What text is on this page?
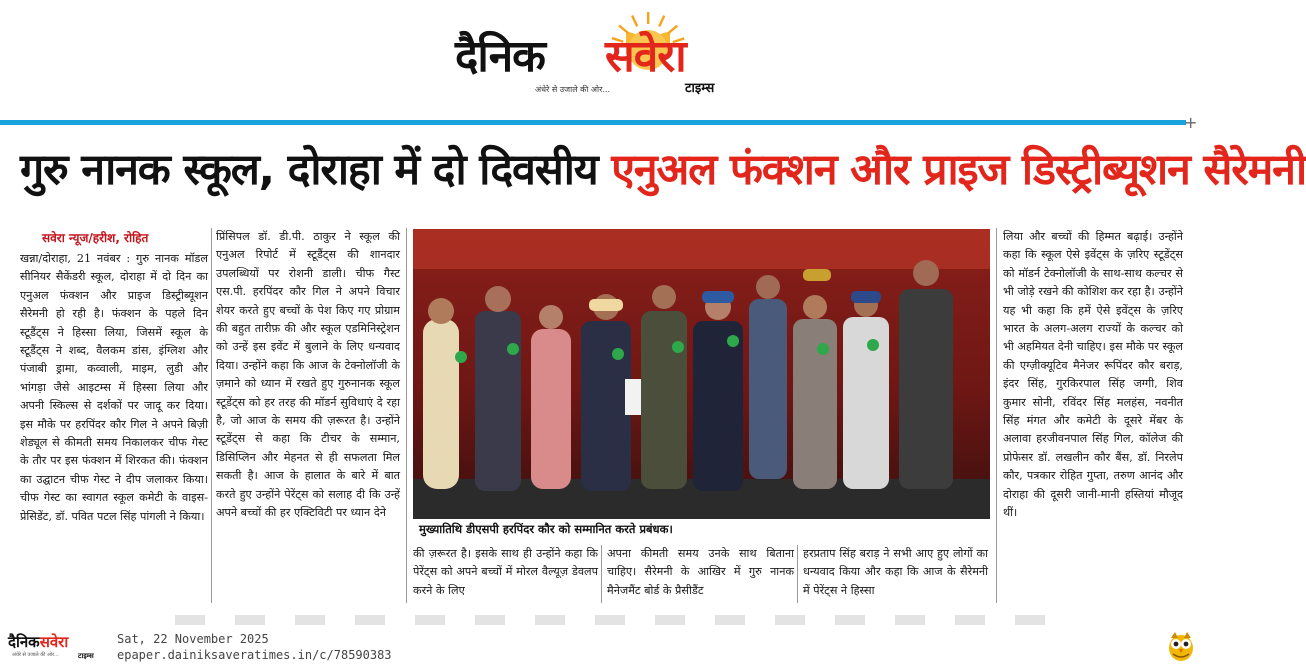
दैनिक सवेरा
अंधेरे से उजाले की ओर...	टाइम्स
+
गुरु नानक स्कूल, दोराहा में दो दिवसीय एनुअल फंक्शन और प्राइज डिस्ट्रीब्यूशन सैरेमनी
सवेरा न्यूज/हरीश, रोहित
खन्ना/दोराहा, 21 नवंबर : गुरु नानक मॉडल सीनियर सैकेंडरी स्कूल, दोराहा में दो दिन का एनुअल फंक्शन और प्राइज डिस्ट्रीब्यूशन सैरेमनी हो रही है। फंक्शन के पहले दिन स्टूडैंट्स ने हिस्सा लिया, जिसमें स्कूल के स्टूडैंट्स ने शब्द, वैलकम डांस, इंग्लिश और पंजाबी ड्रामा, कव्वाली, माइम, लुडी और भांगड़ा जैसे आइटम्स में हिस्सा लिया और अपनी स्किल्स से दर्शकों पर जादू कर दिया। इस मौके पर हरपिंदर कौर गिल ने अपने बिज़ी शेड्यूल से कीमती समय निकालकर चीफ गेस्ट के तौर पर इस फंक्शन में शिरकत की। फंक्शन का उद्घाटन चीफ गेस्ट ने दीप जलाकर किया। चीफ गेस्ट का स्वागत स्कूल कमेटी के वाइस-प्रेसिडेंट, डॉ. पवित पटल सिंह पांगली ने किया।
प्रिंसिपल डॉ. डी.पी. ठाकुर ने स्कूल की एनुअल रिपोर्ट में स्टूडैंट्स की शानदार उपलब्धियों पर रोशनी डाली। चीफ गैस्ट एस.पी. हरपिंदर कौर गिल ने अपने विचार शेयर करते हुए बच्चों के पेश किए गए प्रोग्राम की बहुत तारीफ़ की और स्कूल एडमिनिस्ट्रेशन को उन्हें इस इवेंट में बुलाने के लिए धन्यवाद दिया। उन्होंने कहा कि आज के टेक्नोलॉजी के ज़माने को ध्यान में रखते हुए गुरुनानक स्कूल स्टूडेंट्स को हर तरह की मॉडर्न सुविधाएं दे रहा है, जो आज के समय की ज़रूरत है। उन्होंने स्टूडेंट्स से कहा कि टीचर के सम्मान, डिसिप्लिन और मेहनत से ही सफलता मिल सकती है। आज के हालात के बारे में बात करते हुए उन्होंने पेरेंट्स को सलाह दी कि उन्हें अपने बच्चों की हर एक्टिविटी पर ध्यान देने
मुख्यातिथि डीएसपी हरपिंदर कौर को सम्मानित करते प्रबंधक।
लिया और बच्चों की हिम्मत बढ़ाई। उन्होंने कहा कि स्कूल ऐसे इवेंट्स के ज़रिए स्टूडेंट्स को मॉडर्न टेक्नोलॉजी के साथ-साथ कल्चर से भी जोड़े रखने की कोशिश कर रहा है। उन्होंने यह भी कहा कि हमें ऐसे इवेंट्स के ज़रिए भारत के अलग-अलग राज्यों के कल्चर को भी अहमियत देनी चाहिए। इस मौके पर स्कूल की एग्ज़ीक्यूटिव मैनेजर रूपिंदर कौर बराड़, इंदर सिंह, गुरकिरपाल सिंह जग्गी, शिव कुमार सोनी, रविंदर सिंह मलहंस, नवनीत सिंह मंगत और कमेटी के दूसरे मेंबर के अलावा हरजीवनपाल सिंह गिल, कॉलेज की प्रोफेसर डॉ. लखलीन कौर बैंस, डॉ. निरलेप कौर, पत्रकार रोहित गुप्ता, तरुण आनंद और दोराहा की दूसरी जानी-मानी हस्तियां मौजूद थीं।
की ज़रूरत है। इसके साथ ही उन्होंने कहा कि पेरेंट्स को अपने बच्चों में मोरल वैल्यूज़ डेवलप करने के लिए
अपना कीमती समय उनके साथ बिताना चाहिए। सैरेमनी के आखिर में गुरु नानक मैनेजमैंट बोर्ड के प्रैसीडैंट
हरप्रताप सिंह बराड़ ने सभी आए हुए लोगों का धन्यवाद किया और कहा कि आज के सैरेमनी में पेरेंट्स ने हिस्सा
दैनिकसवेरा
अंधेरे से उजाले की ओर...	टाइम्स
Sat, 22 November 2025
epaper.dainiksaveratimes.in/c/78590383
